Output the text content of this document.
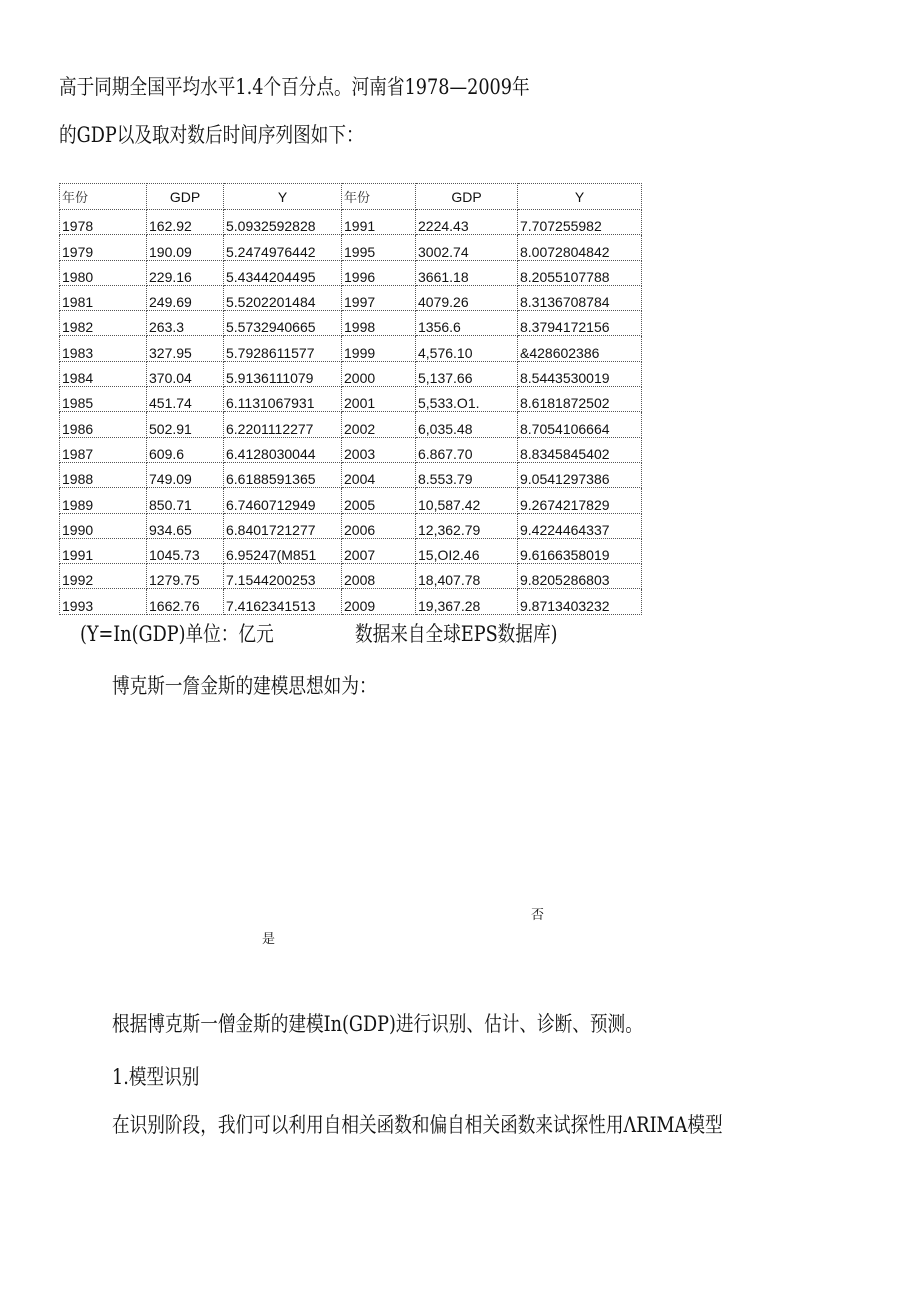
高于同期全国平均水平1.4个百分点。河南省1978—2009年
的GDP以及取对数后时间序列图如下：
年份	GDP	Y	年份	GDP	Y
1978	162.92	5.0932592828	1991	2224.43	7.707255982
1979	190.09	5.2474976442	1995	3002.74	8.0072804842
1980	229.16	5.4344204495	1996	3661.18	8.2055107788
1981	249.69	5.5202201484	1997	4079.26	8.3136708784
1982	263.3	5.5732940665	1998	1356.6	8.3794172156
1983	327.95	5.7928611577	1999	4,576.10	&428602386
1984	370.04	5.9136111079	2000	5,137.66	8.5443530019
1985	451.74	6.1131067931	2001	5,533.O1.	8.6181872502
1986	502.91	6.2201112277	2002	6,035.48	8.7054106664
1987	609.6	6.4128030044	2003	6.867.70	8.8345845402
1988	749.09	6.6188591365	2004	8.553.79	9.0541297386
1989	850.71	6.7460712949	2005	10,587.42	9.2674217829
1990	934.65	6.8401721277	2006	12,362.79	9.4224464337
1991	1045.73	6.95247(M851	2007	15,OI2.46	9.6166358019
1992	1279.75	7.1544200253	2008	18,407.78	9.8205286803
1993	1662.76	7.4162341513	2009	19,367.28	9.8713403232
(Y=In(GDP)单位：亿元	数据来自全球EPS数据库)
博克斯一詹金斯的建模思想如为：
否
是
根据博克斯一僧金斯的建模In(GDP)进行识别、估计、诊断、预测。
1.模型识别
在识别阶段，我们可以利用自相关函数和偏自相关函数来试探性用ΛRIMA模型
